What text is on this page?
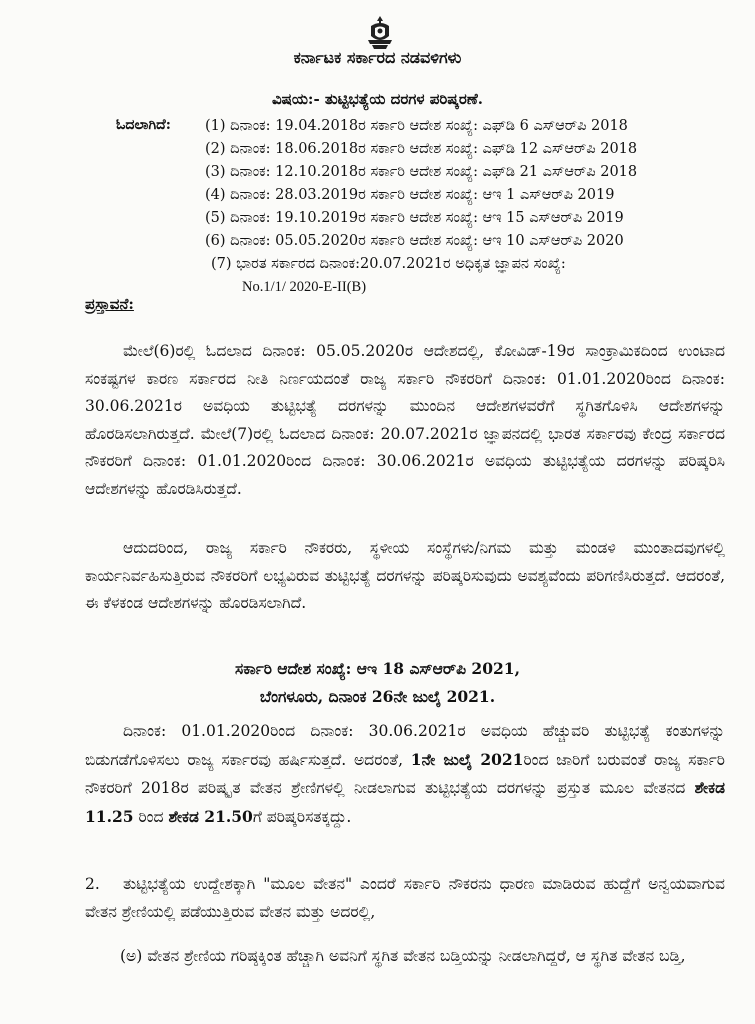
ಕರ್ನಾಟಕ ಸರ್ಕಾರದ ನಡವಳಿಗಳು
ವಿಷಯ:- ತುಟ್ಟಿಭತ್ಯೆಯ ದರಗಳ ಪರಿಷ್ಕರಣೆ.
ಓದಲಾಗಿದೆ: (1) ದಿನಾಂಕ: 19.04.2018ರ ಸರ್ಕಾರಿ ಆದೇಶ ಸಂಖ್ಯೆ: ಎಫ್‌ಡಿ 6 ಎಸ್‌ಆರ್‌ಪಿ 2018
(2) ದಿನಾಂಕ: 18.06.2018ರ ಸರ್ಕಾರಿ ಆದೇಶ ಸಂಖ್ಯೆ: ಎಫ್‌ಡಿ 12 ಎಸ್‌ಆರ್‌ಪಿ 2018
(3) ದಿನಾಂಕ: 12.10.2018ರ ಸರ್ಕಾರಿ ಆದೇಶ ಸಂಖ್ಯೆ: ಎಫ್‌ಡಿ 21 ಎಸ್‌ಆರ್‌ಪಿ 2018
(4) ದಿನಾಂಕ: 28.03.2019ರ ಸರ್ಕಾರಿ ಆದೇಶ ಸಂಖ್ಯೆ: ಆಇ 1 ಎಸ್‌ಆರ್‌ಪಿ 2019
(5) ದಿನಾಂಕ: 19.10.2019ರ ಸರ್ಕಾರಿ ಆದೇಶ ಸಂಖ್ಯೆ: ಆಇ 15 ಎಸ್‌ಆರ್‌ಪಿ 2019
(6) ದಿನಾಂಕ: 05.05.2020ರ ಸರ್ಕಾರಿ ಆದೇಶ ಸಂಖ್ಯೆ: ಆಇ 10 ಎಸ್‌ಆರ್‌ಪಿ 2020
(7) ಭಾರತ ಸರ್ಕಾರದ ದಿನಾಂಕ:20.07.2021ರ ಅಧಿಕೃತ ಜ್ಞಾಪನ ಸಂಖ್ಯೆ:
No.1/1/ 2020-E-II(B)
ಪ್ರಸ್ತಾವನೆ:

ಮೇಲೆ(6)ರಲ್ಲಿ ಓದಲಾದ ದಿನಾಂಕ: 05.05.2020ರ ಆದೇಶದಲ್ಲಿ, ಕೋವಿಡ್-19ರ ಸಾಂಕ್ರಾಮಿಕದಿಂದ ಉಂಟಾದ ಸಂಕಷ್ಟಗಳ ಕಾರಣ ಸರ್ಕಾರದ ನೀತಿ ನಿರ್ಣಯದಂತೆ ರಾಜ್ಯ ಸರ್ಕಾರಿ ನೌಕರರಿಗೆ ದಿನಾಂಕ: 01.01.2020ರಿಂದ ದಿನಾಂಕ: 30.06.2021ರ ಅವಧಿಯ ತುಟ್ಟಿಭತ್ಯೆ ದರಗಳನ್ನು ಮುಂದಿನ ಆದೇಶಗಳವರೆಗೆ ಸ್ಥಗಿತಗೊಳಿಸಿ ಆದೇಶಗಳನ್ನು ಹೊರಡಿಸಲಾಗಿರುತ್ತದೆ. ಮೇಲೆ(7)ರಲ್ಲಿ ಓದಲಾದ ದಿನಾಂಕ: 20.07.2021ರ ಜ್ಞಾಪನದಲ್ಲಿ ಭಾರತ ಸರ್ಕಾರವು ಕೇಂದ್ರ ಸರ್ಕಾರದ ನೌಕರರಿಗೆ ದಿನಾಂಕ: 01.01.2020ರಿಂದ ದಿನಾಂಕ: 30.06.2021ರ ಅವಧಿಯ ತುಟ್ಟಿಭತ್ಯೆಯ ದರಗಳನ್ನು ಪರಿಷ್ಕರಿಸಿ ಆದೇಶಗಳನ್ನು ಹೊರಡಿಸಿರುತ್ತದೆ.

ಆದುದರಿಂದ, ರಾಜ್ಯ ಸರ್ಕಾರಿ ನೌಕರರು, ಸ್ಥಳೀಯ ಸಂಸ್ಥೆಗಳು/ನಿಗಮ ಮತ್ತು ಮಂಡಳಿ ಮುಂತಾದವುಗಳಲ್ಲಿ ಕಾರ್ಯನಿರ್ವಹಿಸುತ್ತಿರುವ ನೌಕರರಿಗೆ ಲಭ್ಯವಿರುವ ತುಟ್ಟಿಭತ್ಯೆ ದರಗಳನ್ನು ಪರಿಷ್ಕರಿಸುವುದು ಅವಶ್ಯವೆಂದು ಪರಿಗಣಿಸಿರುತ್ತದೆ. ಆದರಂತೆ, ಈ ಕೆಳಕಂಡ ಆದೇಶಗಳನ್ನು ಹೊರಡಿಸಲಾಗಿದೆ.

ಸರ್ಕಾರಿ ಆದೇಶ ಸಂಖ್ಯೆ: ಆಇ 18 ಎಸ್‌ಆರ್‌ಪಿ 2021,
ಬೆಂಗಳೂರು, ದಿನಾಂಕ 26ನೇ ಜುಲೈ 2021.

ದಿನಾಂಕ: 01.01.2020ರಿಂದ ದಿನಾಂಕ: 30.06.2021ರ ಅವಧಿಯ ಹೆಚ್ಚುವರಿ ತುಟ್ಟಿಭತ್ಯೆ ಕಂತುಗಳನ್ನು ಬಿಡುಗಡೆಗೊಳಿಸಲು ರಾಜ್ಯ ಸರ್ಕಾರವು ಹರ್ಷಿಸುತ್ತದೆ. ಅದರಂತೆ, 1ನೇ ಜುಲೈ 2021ರಿಂದ ಜಾರಿಗೆ ಬರುವಂತೆ ರಾಜ್ಯ ಸರ್ಕಾರಿ ನೌಕರರಿಗೆ 2018ರ ಪರಿಷ್ಕೃತ ವೇತನ ಶ್ರೇಣಿಗಳಲ್ಲಿ ನೀಡಲಾಗುವ ತುಟ್ಟಿಭತ್ಯೆಯ ದರಗಳನ್ನು ಪ್ರಸ್ತುತ ಮೂಲ ವೇತನದ ಶೇಕಡ 11.25 ರಿಂದ ಶೇಕಡ 21.50ಗೆ ಪರಿಷ್ಕರಿಸತಕ್ಕದ್ದು.

2. ತುಟ್ಟಿಭತ್ಯೆಯ ಉದ್ದೇಶಕ್ಕಾಗಿ "ಮೂಲ ವೇತನ" ಎಂದರೆ ಸರ್ಕಾರಿ ನೌಕರನು ಧಾರಣ ಮಾಡಿರುವ ಹುದ್ದೆಗೆ ಅನ್ವಯವಾಗುವ ವೇತನ ಶ್ರೇಣಿಯಲ್ಲಿ ಪಡೆಯುತ್ತಿರುವ ವೇತನ ಮತ್ತು ಅದರಲ್ಲಿ,

(ಅ) ವೇತನ ಶ್ರೇಣಿಯ ಗರಿಷ್ಠಕ್ಕಿಂತ ಹೆಚ್ಚಾಗಿ ಅವನಿಗೆ ಸ್ಥಗಿತ ವೇತನ ಬಡ್ತಿಯನ್ನು ನೀಡಲಾಗಿದ್ದರೆ, ಆ ಸ್ಥಗಿತ ವೇತನ ಬಡ್ತಿ,
